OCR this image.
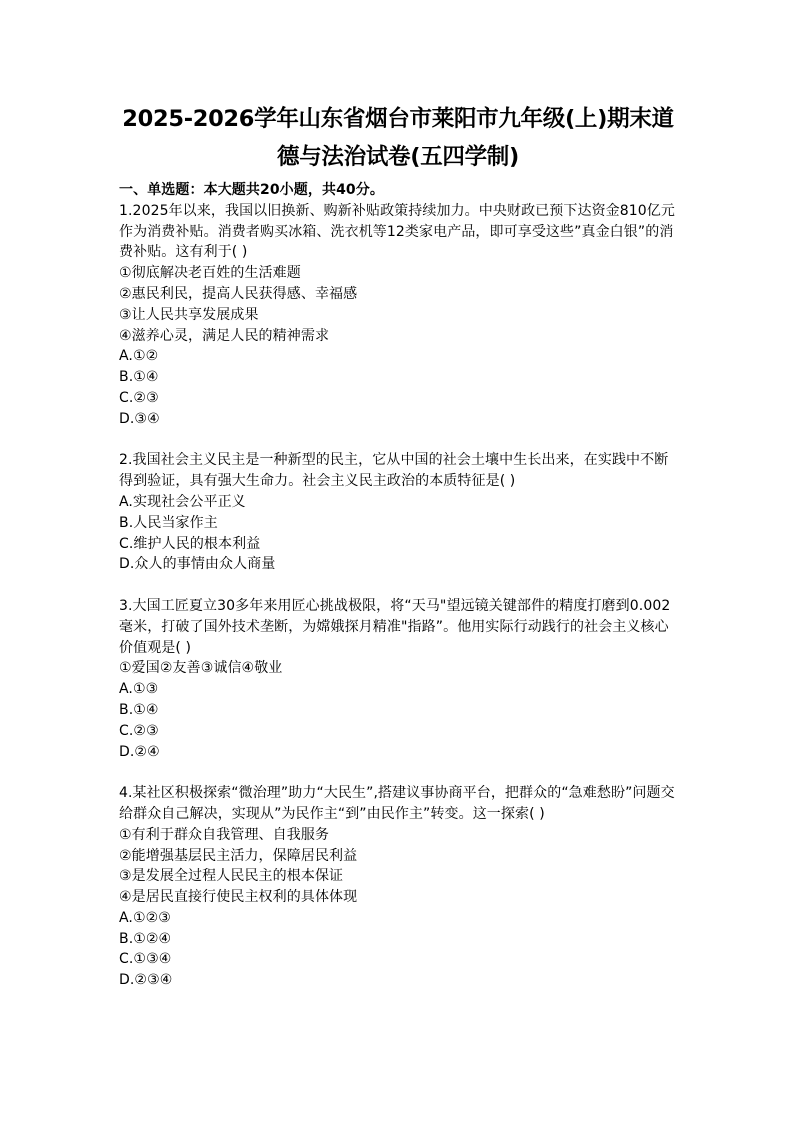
2025-2026学年山东省烟台市莱阳市九年级(上)期末道
德与法治试卷(五四学制)
一、单选题：本大题共20小题，共40分。

1.2025年以来，我国以旧换新、购新补贴政策持续加力。中央财政已预下达资金810亿元作为消费补贴。消费者购买冰箱、洗衣机等12类家电产品，即可享受这些”真金白银”的消费补贴。这有利于( )

①彻底解决老百姓的生活难题

②惠民利民，提高人民获得感、幸福感

③让人民共享发展成果

④滋养心灵，满足人民的精神需求

A.①②

B.①④

C.②③

D.③④

2.我国社会主义民主是一种新型的民主，它从中国的社会土壤中生长出来，在实践中不断得到验证，具有强大生命力。社会主义民主政治的本质特征是( )

A.实现社会公平正义

B.人民当家作主

C.维护人民的根本利益

D.众人的事情由众人商量

3.大国工匠夏立30多年来用匠心挑战极限，将“天马"望远镜关键部件的精度打磨到0.002毫米，打破了国外技术垄断，为嫦娥探月精准"指路”。他用实际行动践行的社会主义核心价值观是( )

①爱国②友善③诚信④敬业

A.①③

B.①④

C.②③

D.②④

4.某社区积极探索“微治理”助力“大民生”,搭建议事协商平台，把群众的“急难愁盼”问题交给群众自己解决，实现从”为民作主“到”由民作主”转变。这一探索( )

①有利于群众自我管理、自我服务

②能增强基层民主活力，保障居民利益

③是发展全过程人民民主的根本保证

④是居民直接行使民主权利的具体体现

A.①②③

B.①②④

C.①③④

D.②③④
